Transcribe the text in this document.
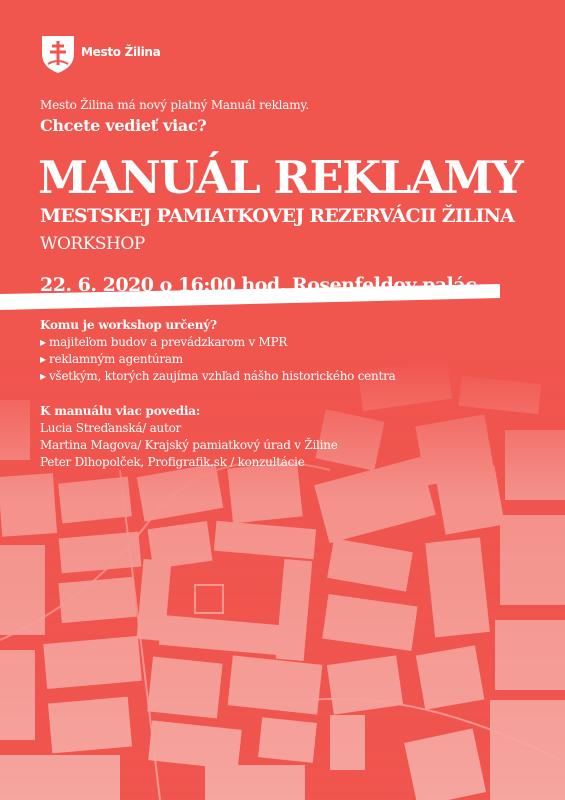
Mesto Žilina
Mesto Žilina má nový platný Manuál reklamy.
Chcete vedieť viac?
MANUÁL REKLAMY
MESTSKEJ PAMIATKOVEJ REZERVÁCII ŽILINA
WORKSHOP
22. 6. 2020 o 16:00 hod, Rosenfeldov palác
Komu je workshop určený?
▶ majiteľom budov a prevádzkarom v MPR
▶ reklamným agentúram
▶ všetkým, ktorých zaujíma vzhľad nášho historického centra
K manuálu viac povedia:
Lucia Streďanská/ autor
Martina Magova/ Krajský pamiatkový úrad v Žiline
Peter Dlhopolček, Profigrafik.sk / konzultácie
